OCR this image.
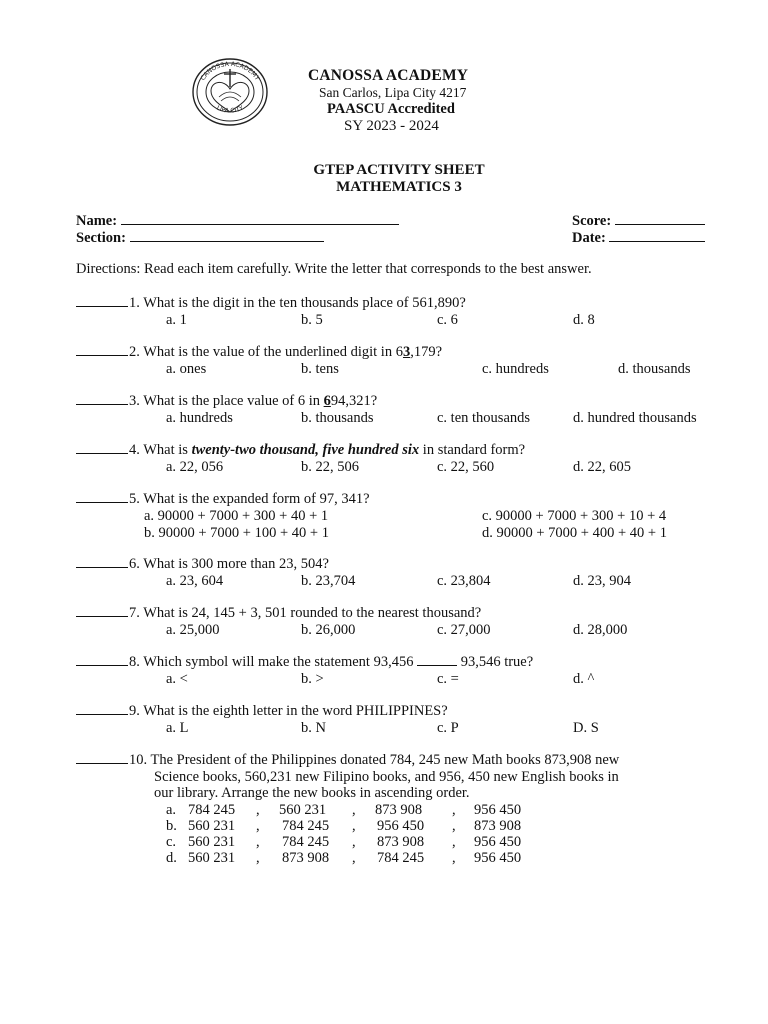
CANOSSA ACADEMY
LIPA CITY
CANOSSA ACADEMY
San Carlos, Lipa City 4217
PAASCU Accredited
SY 2023 - 2024
GTEP ACTIVITY SHEET
MATHEMATICS 3
Name:	Score:
Section:	Date:
Directions: Read each item carefully. Write the letter that corresponds to the best answer.
1. What is the digit in the ten thousands place of 561,890?
a. 1	b. 5	c. 6	d. 8
2. What is the value of the underlined digit in 63,179?
a. ones	b. tens	c. hundreds	d. thousands
3. What is the place value of 6 in 694,321?
a. hundreds	b. thousands	c. ten thousands	d. hundred thousands
4. What is twenty-two thousand, five hundred six in standard form?
a. 22, 056	b. 22, 506	c. 22, 560	d. 22, 605
5. What is the expanded form of 97, 341?
a. 90000 + 7000 + 300 + 40 + 1	c. 90000 + 7000 + 300 + 10 + 4
b. 90000 + 7000 + 100 + 40 + 1	d. 90000 + 7000 + 400 + 40 + 1
6. What is 300 more than 23, 504?
a. 23, 604	b. 23,704	c. 23,804	d. 23, 904
7. What is 24, 145 + 3, 501 rounded to the nearest thousand?
a. 25,000	b. 26,000	c. 27,000	d. 28,000
8. Which symbol will make the statement 93,456	93,546 true?
a. <	b. >	c. =	d. ^
9. What is the eighth letter in the word PHILIPPINES?
a. L	b. N	c. P	D. S
10. The President of the Philippines donated 784, 245 new Math books 873,908 new
Science books, 560,231 new Filipino books, and 956, 450 new English books in
our library. Arrange the new books in ascending order.
a. 784 245 , 560 231 , 873 908 , 956 450
b. 560 231 , 784 245 , 956 450 , 873 908
c. 560 231 , 784 245 , 873 908 , 956 450
d. 560 231 , 873 908 , 784 245 , 956 450
